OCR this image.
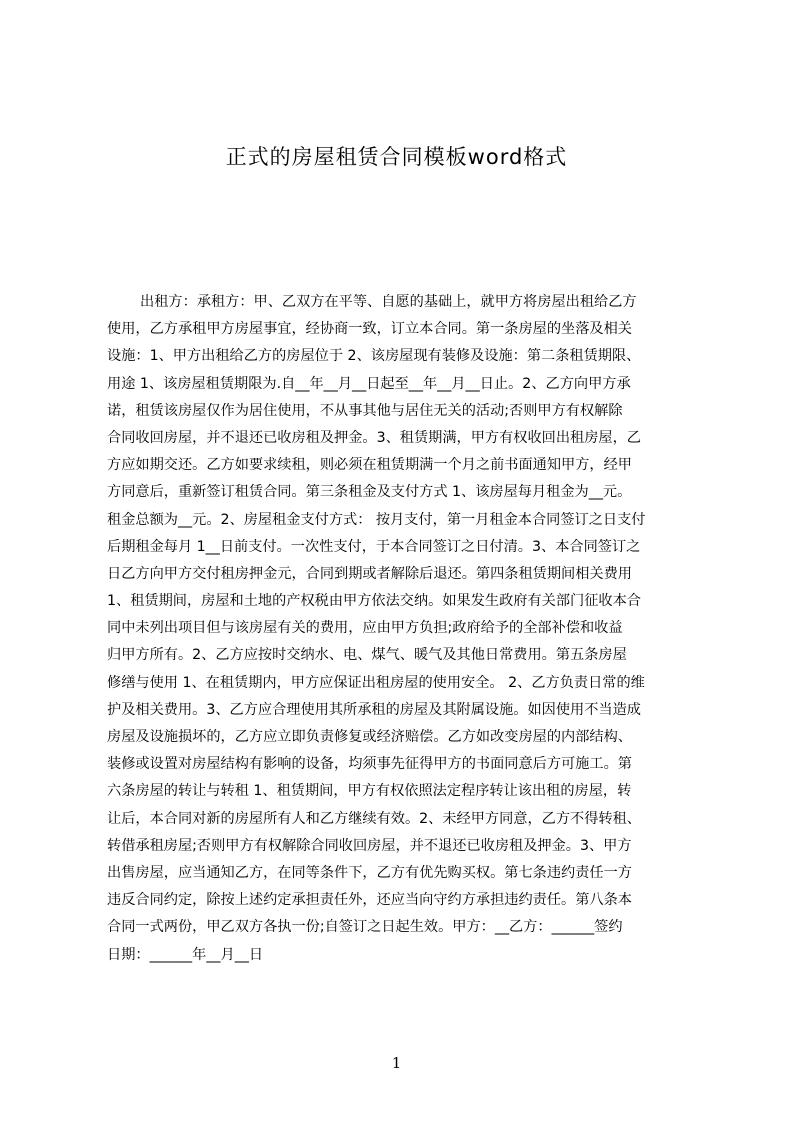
正式的房屋租赁合同模板word格式
出租方：承租方：甲、乙双方在平等、自愿的基础上，就甲方将房屋出租给乙方
使用，乙方承租甲方房屋事宜，经协商一致，订立本合同。第一条房屋的坐落及相关
设施：1、甲方出租给乙方的房屋位于 2、该房屋现有装修及设施：第二条租赁期限、
用途 1、该房屋租赁期限为.自__年__月__日起至__年__月__日止。2、乙方向甲方承
诺，租赁该房屋仅作为居住使用，不从事其他与居住无关的活动;否则甲方有权解除
合同收回房屋，并不退还已收房租及押金。3、租赁期满，甲方有权收回出租房屋，乙
方应如期交还。乙方如要求续租，则必须在租赁期满一个月之前书面通知甲方，经甲
方同意后，重新签订租赁合同。第三条租金及支付方式 1、该房屋每月租金为__元。
租金总额为__元。2、房屋租金支付方式： 按月支付，第一月租金本合同签订之日支付
后期租金每月 1__日前支付。一次性支付，于本合同签订之日付清。3、本合同签订之
日乙方向甲方交付租房押金元，合同到期或者解除后退还。第四条租赁期间相关费用
1、租赁期间，房屋和土地的产权税由甲方依法交纳。如果发生政府有关部门征收本合
同中未列出项目但与该房屋有关的费用，应由甲方负担;政府给予的全部补偿和收益
归甲方所有。2、乙方应按时交纳水、电、煤气、暖气及其他日常费用。第五条房屋
修缮与使用 1、在租赁期内，甲方应保证出租房屋的使用安全。 2、乙方负责日常的维
护及相关费用。3、乙方应合理使用其所承租的房屋及其附属设施。如因使用不当造成
房屋及设施损坏的，乙方应立即负责修复或经济赔偿。乙方如改变房屋的内部结构、
装修或设置对房屋结构有影响的设备，均须事先征得甲方的书面同意后方可施工。第
六条房屋的转让与转租 1、租赁期间，甲方有权依照法定程序转让该出租的房屋，转
让后，本合同对新的房屋所有人和乙方继续有效。2、未经甲方同意，乙方不得转租、
转借承租房屋;否则甲方有权解除合同收回房屋，并不退还已收房租及押金。3、甲方
出售房屋，应当通知乙方，在同等条件下，乙方有优先购买权。第七条违约责任一方
违反合同约定，除按上述约定承担责任外，还应当向守约方承担违约责任。第八条本
合同一式两份，甲乙双方各执一份;自签订之日起生效。甲方：__乙方：______签约
日期：______年__月__日
1
